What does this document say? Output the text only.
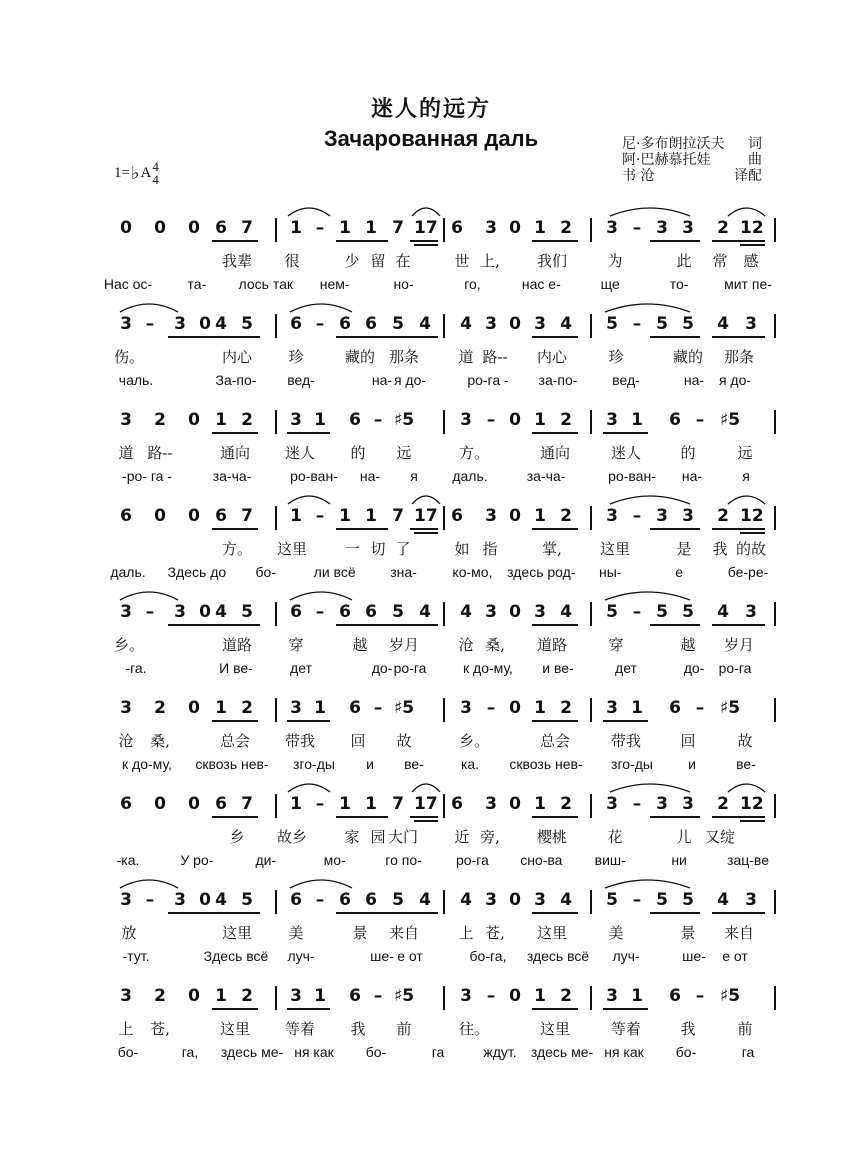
迷人的远方
Зачарованная даль	尼·多布朗拉沃夫 词
阿·巴赫慕托娃	曲
书 沧	译配
1= ♭ A 4
4
0 0 0 6 7 1 – 1 1 7 17 6 3 0 1 2 3 – 3 3 2 12
我辈 很	少 留 在	世 上, 我们	为	此 常 感
Нас ос-	та- лось так нем-	но-	го,	нас е-	ще	то-	мит пе-
3 –	3 0 4 5 6 – 6 6 5 4 4 3 0 3 4 5 – 5 5 4 3
伤。	内心 珍	藏的 那条	道 路-- 内心	珍	藏的 那条
чаль.	За-по- вед-	на- я до-	ро-га - за-по- вед-	на- я до-
3 2 0 1 2 3 1 6 – ♯5	3 – 0 1 2 3 1 6 – ♯5
道 路--	通向 迷人 的 远	方。	通向	迷人	的	远
-ро- га -	за-ча-	ро-ван- на- я даль.	за-ча-	ро-ван- на-	я
6 0 0 6 7 1 – 1 1 7 17 6 3 0 1 2 3 – 3 3 2 12
方。 这里 一 切 了	如 指	掌,	这里	是 我 的故
даль. Здесь до бо-	ли всё зна-	ко-мо, здесь род- ны-	е	бе-ре-
3 –	3 0 4 5 6 – 6 6 5 4 4 3 0 3 4 5 – 5 5 4 3
乡。	道路 穿	越 岁月	沧 桑, 道路	穿	越 岁月
-га.	И ве-	дет	до- ро-га	к до-му, и ве-	дет	до- ро-га
3 2 0 1 2 3 1 6 – ♯5	3 – 0 1 2 3 1 6 – ♯5
沧 桑,	总会 带我 回 故	乡。	总会	带我	回	故
к до-му, сквозь нев- зго-ды и ве-	ка. сквозь нев- зго-ды	и	ве-
6 0 0 6 7 1 – 1 1 7 17 6 3 0 1 2 3 – 3 3 2 12
乡 故乡 家 园 大门 近 旁, 樱桃	花	儿 又绽
-ка.	У ро-	ди-	мо-	го по- ро-га сно-ва виш-	ни	зац-ве
3 –	3 0 4 5 6 – 6 6 5 4 4 3 0 3 4 5 – 5 5 4 3
放	这里 美	景 来自	上 苍, 这里	美	景 来自
-тут.	Здесь всё луч-	ше- е от	бо-га, здесь всё луч-	ше- е от
3 2 0 1 2 3 1 6 – ♯5	3 – 0 1 2 3 1 6 – ♯5
上 苍,	这里 等着 我 前	往。	这里	等着	我	前
бо-	га, здесь ме- ня как бо-	га	ждут. здесь ме- ня как бо-	га
